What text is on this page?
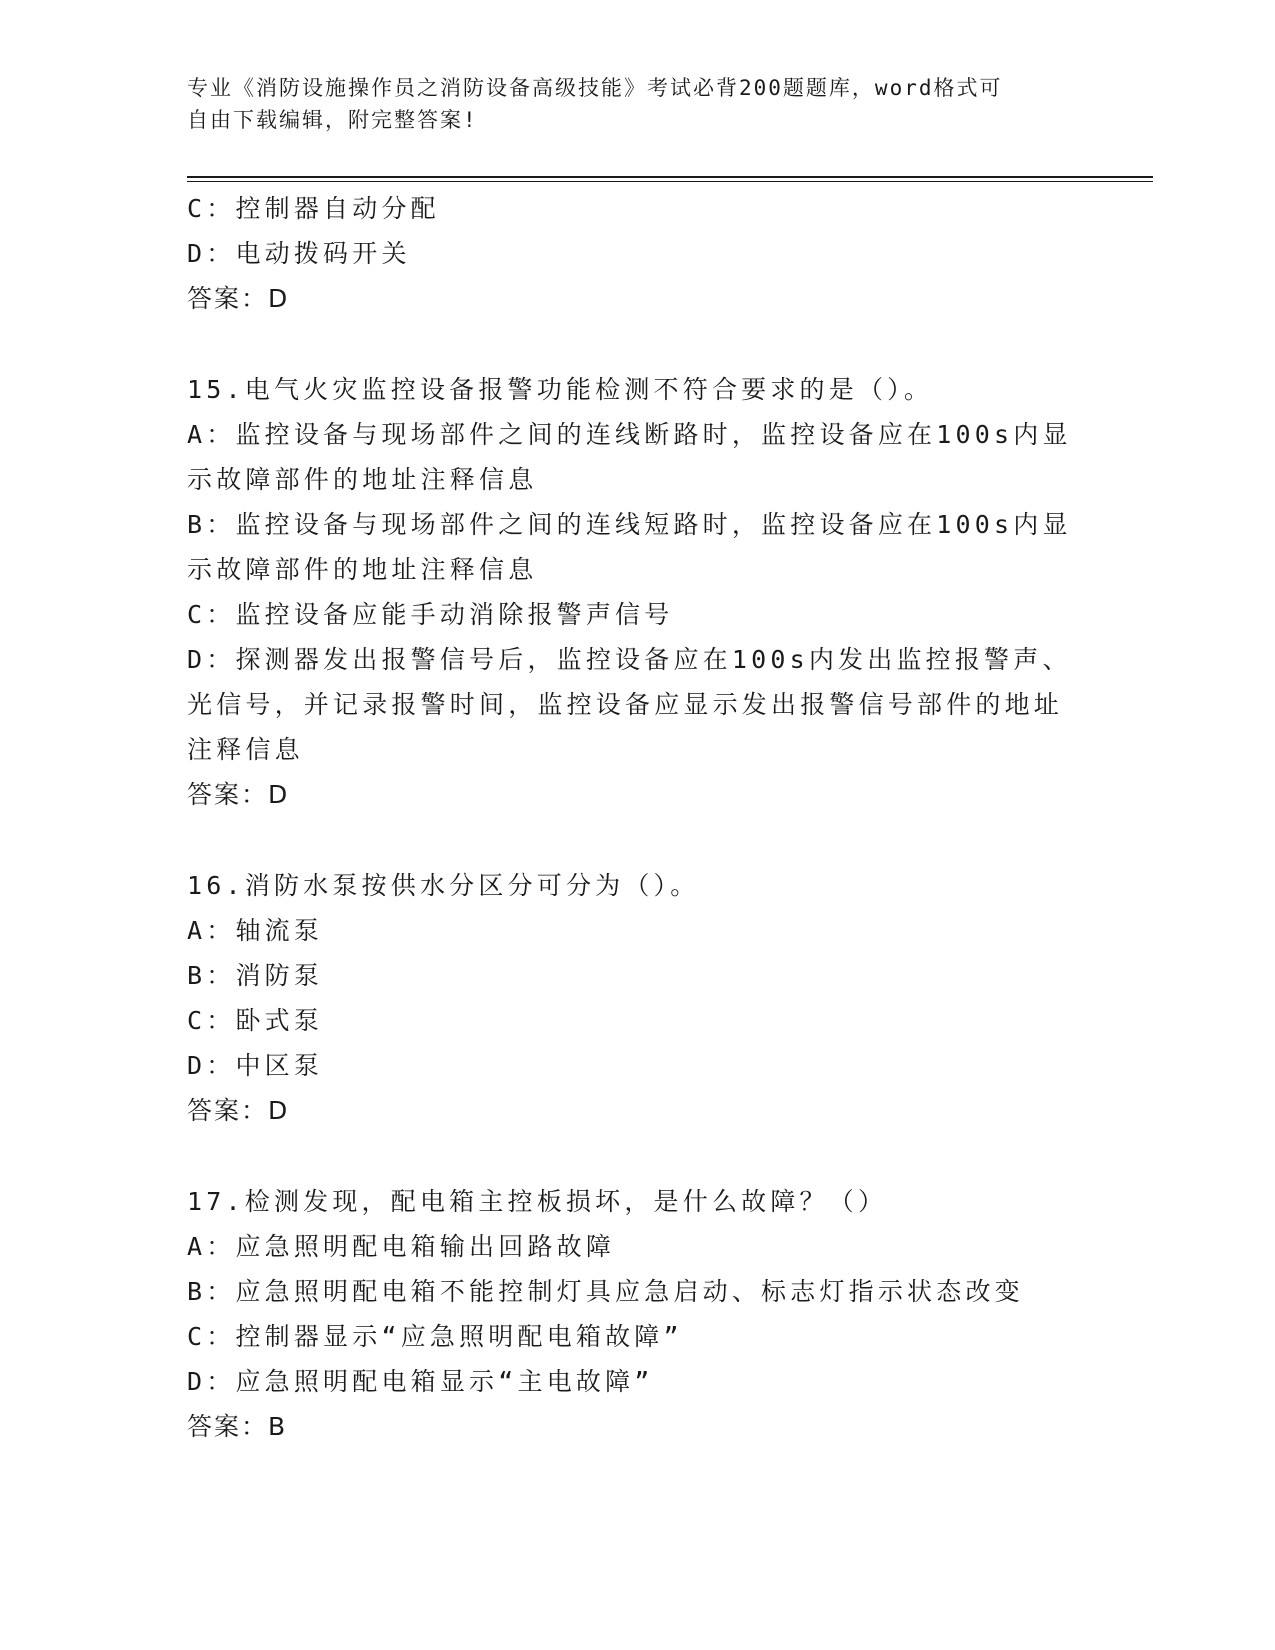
专业《消防设施操作员之消防设备高级技能》考试必背200题题库，word格式可
自由下载编辑，附完整答案!
C：控制器自动分配
D：电动拨码开关
答案：D
15.电气火灾监控设备报警功能检测不符合要求的是（）。
A：监控设备与现场部件之间的连线断路时，监控设备应在100s内显
示故障部件的地址注释信息
B：监控设备与现场部件之间的连线短路时，监控设备应在100s内显
示故障部件的地址注释信息
C：监控设备应能手动消除报警声信号
D：探测器发出报警信号后，监控设备应在100s内发出监控报警声、
光信号，并记录报警时间，监控设备应显示发出报警信号部件的地址
注释信息
答案：D
16.消防水泵按供水分区分可分为（）。
A：轴流泵
B：消防泵
C：卧式泵
D：中区泵
答案：D
17.检测发现，配电箱主控板损坏，是什么故障？（）
A：应急照明配电箱输出回路故障
B：应急照明配电箱不能控制灯具应急启动、标志灯指示状态改变
C：控制器显示“应急照明配电箱故障”
D：应急照明配电箱显示“主电故障”
答案：B
